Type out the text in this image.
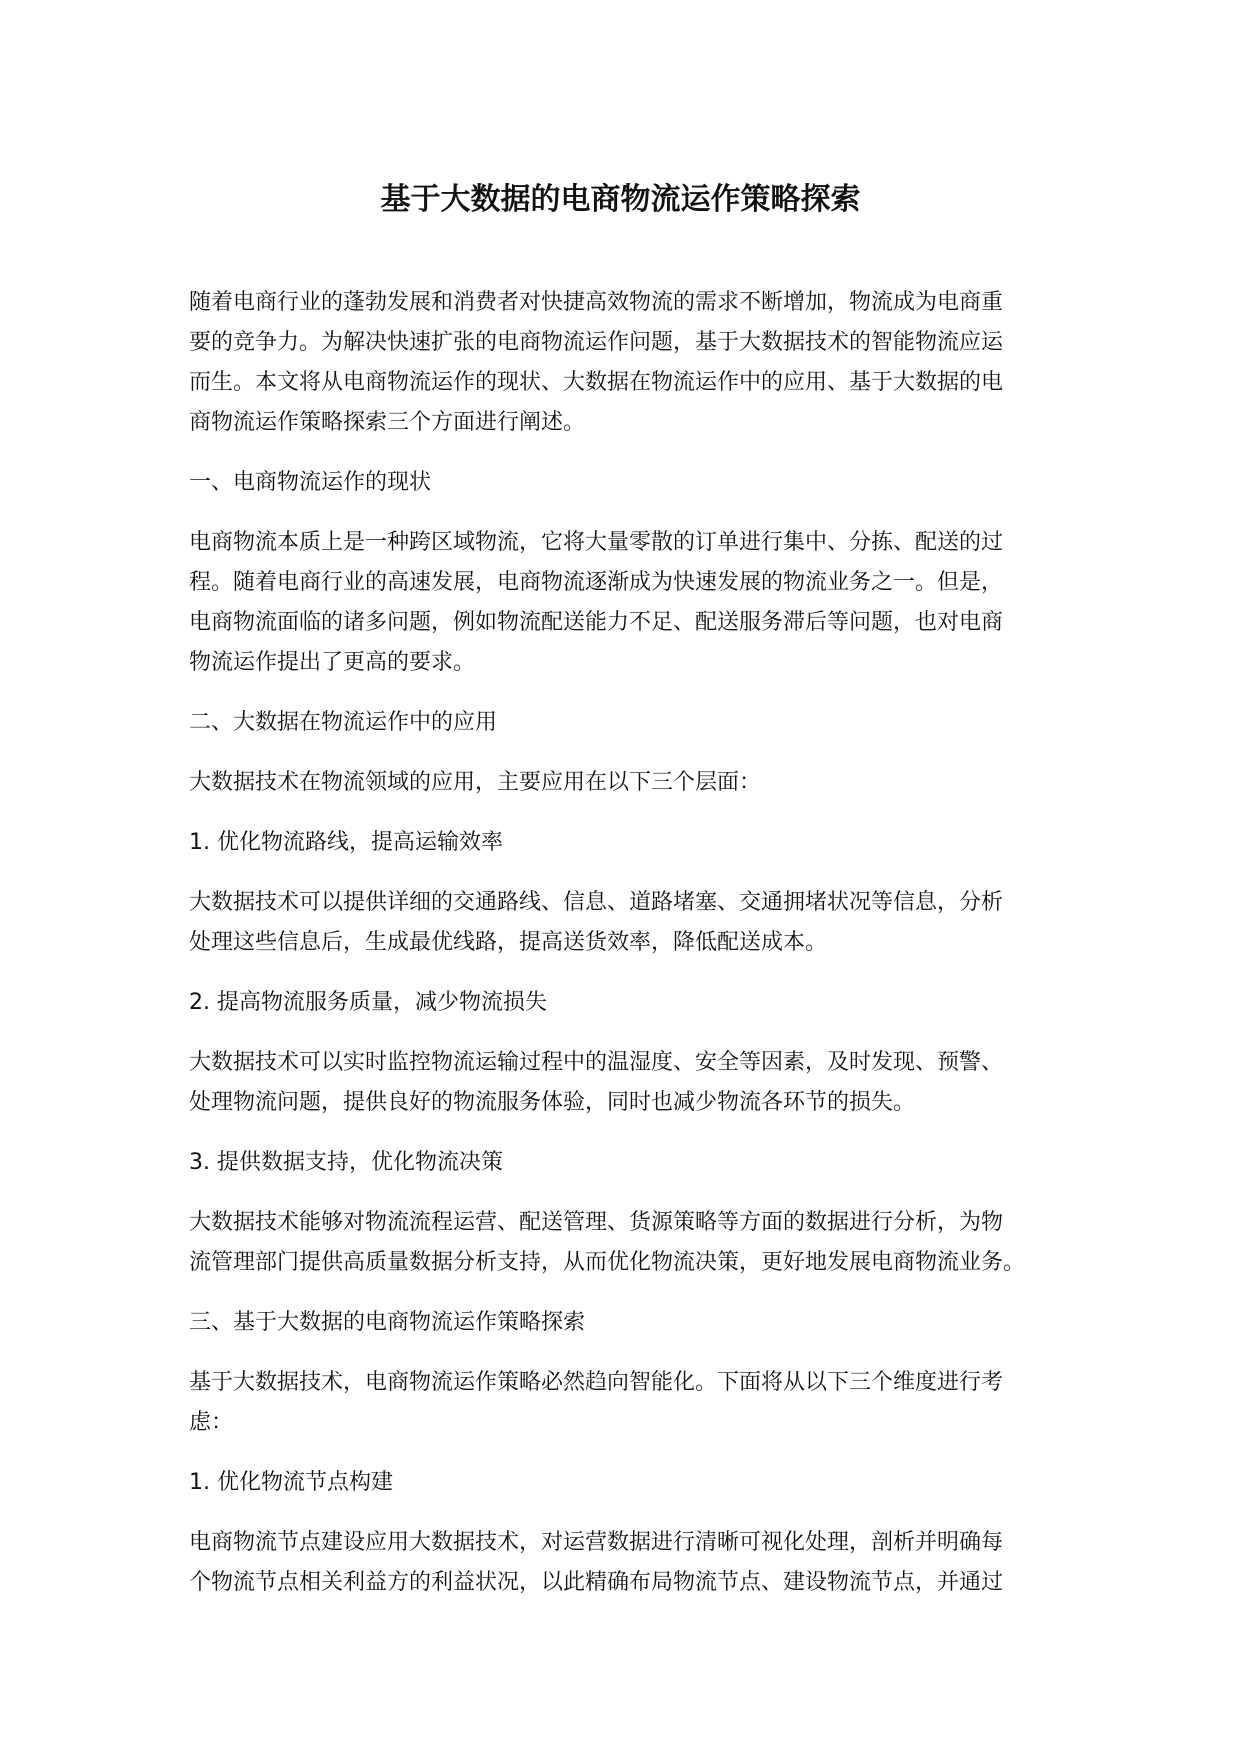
基于大数据的电商物流运作策略探索
随着电商行业的蓬勃发展和消费者对快捷高效物流的需求不断增加，物流成为电商重
要的竞争力。为解决快速扩张的电商物流运作问题，基于大数据技术的智能物流应运
而生。本文将从电商物流运作的现状、大数据在物流运作中的应用、基于大数据的电
商物流运作策略探索三个方面进行阐述。
一、电商物流运作的现状
电商物流本质上是一种跨区域物流，它将大量零散的订单进行集中、分拣、配送的过
程。随着电商行业的高速发展，电商物流逐渐成为快速发展的物流业务之一。但是，
电商物流面临的诸多问题，例如物流配送能力不足、配送服务滞后等问题，也对电商
物流运作提出了更高的要求。
二、大数据在物流运作中的应用
大数据技术在物流领域的应用，主要应用在以下三个层面：
1. 优化物流路线，提高运输效率
大数据技术可以提供详细的交通路线、信息、道路堵塞、交通拥堵状况等信息，分析
处理这些信息后，生成最优线路，提高送货效率，降低配送成本。
2. 提高物流服务质量，减少物流损失
大数据技术可以实时监控物流运输过程中的温湿度、安全等因素，及时发现、预警、
处理物流问题，提供良好的物流服务体验，同时也减少物流各环节的损失。
3. 提供数据支持，优化物流决策
大数据技术能够对物流流程运营、配送管理、货源策略等方面的数据进行分析，为物
流管理部门提供高质量数据分析支持，从而优化物流决策，更好地发展电商物流业务。
三、基于大数据的电商物流运作策略探索
基于大数据技术，电商物流运作策略必然趋向智能化。下面将从以下三个维度进行考
虑：
1. 优化物流节点构建
电商物流节点建设应用大数据技术，对运营数据进行清晰可视化处理，剖析并明确每
个物流节点相关利益方的利益状况，以此精确布局物流节点、建设物流节点，并通过
